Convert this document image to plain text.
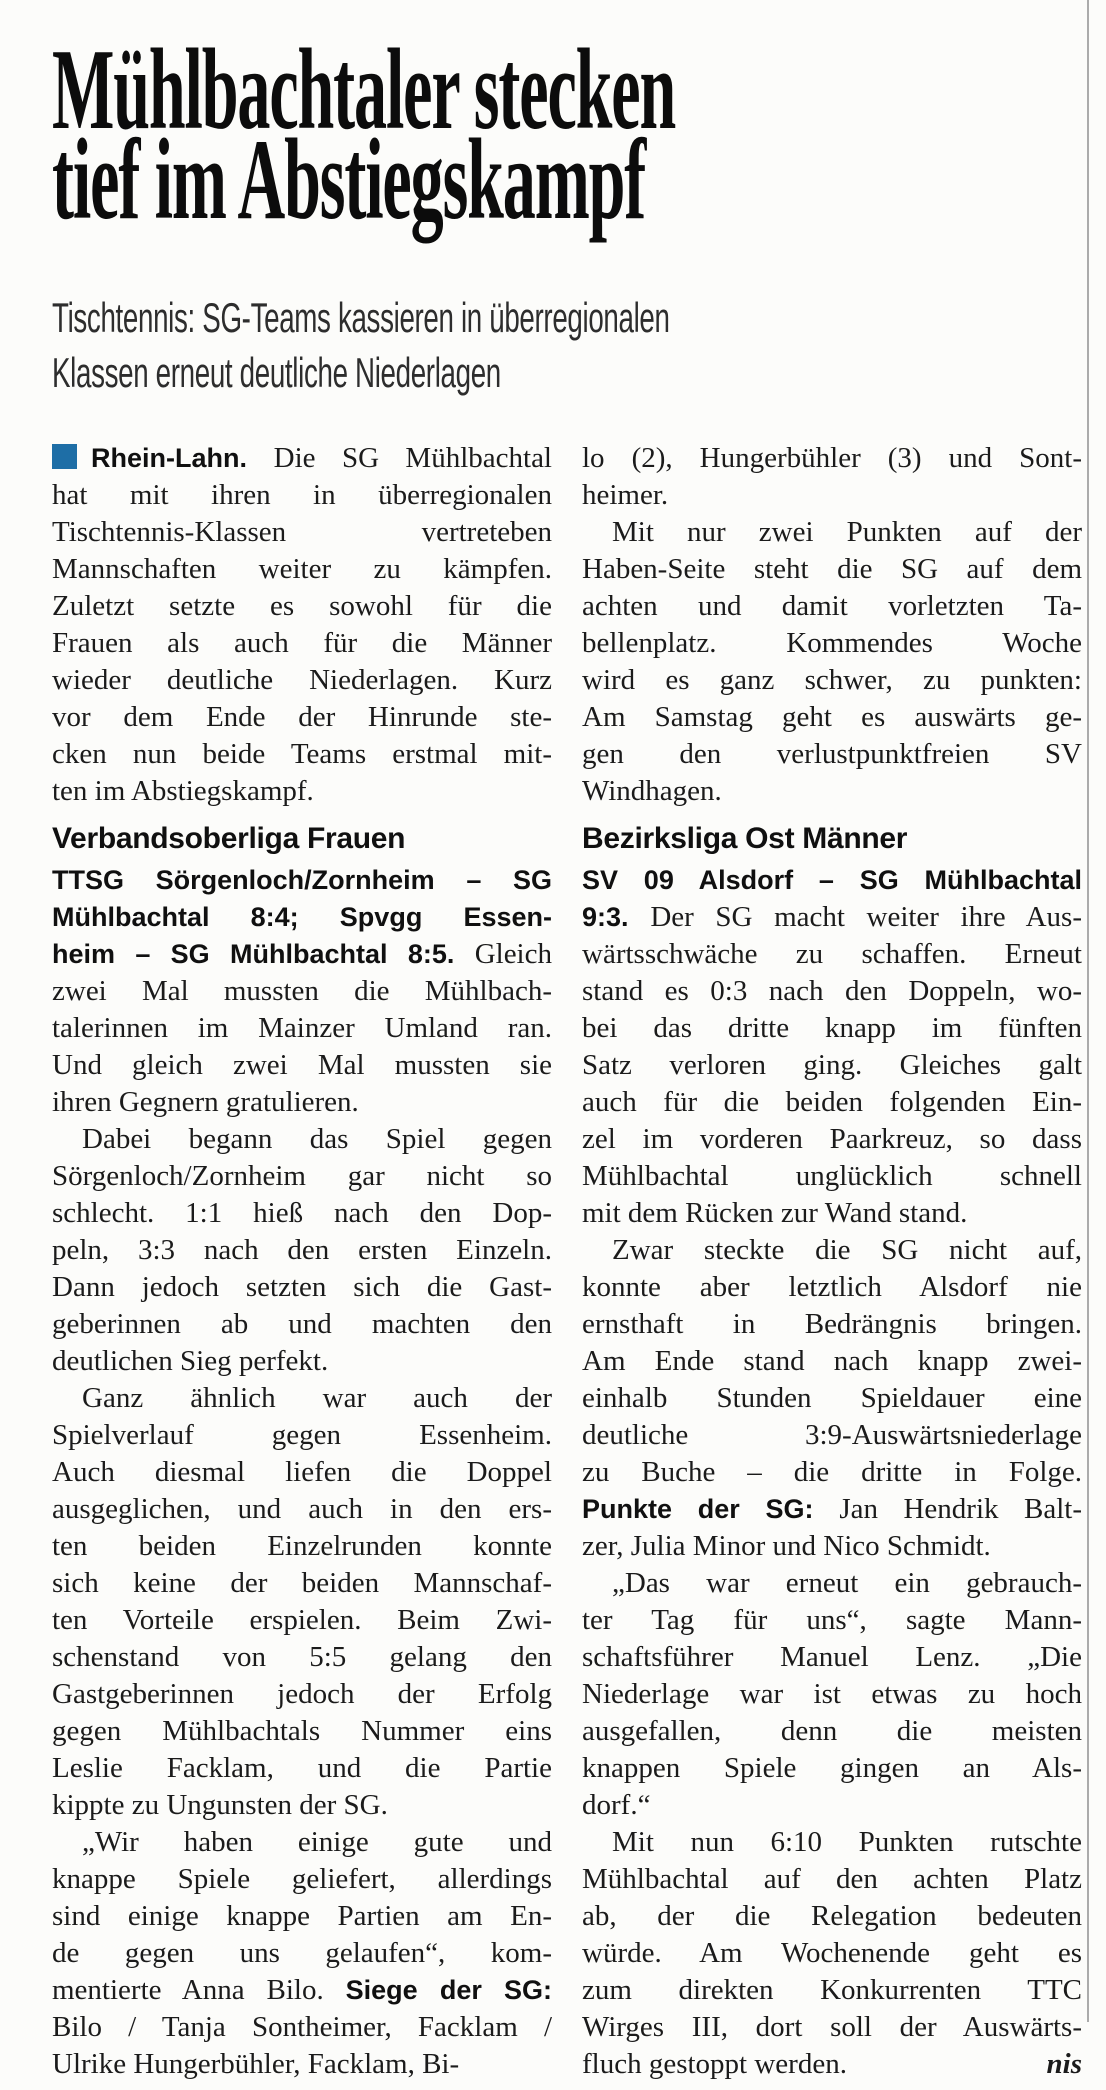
Mühlbachtaler stecken
tief im Abstiegskampf
Tischtennis: SG-Teams kassieren in überregionalen
Klassen erneut deutliche Niederlagen
Rhein-Lahn. Die SG Mühlbachtal
hat mit ihren in überregionalen
Tischtennis-Klassen vertreteben
Mannschaften weiter zu kämpfen.
Zuletzt setzte es sowohl für die
Frauen als auch für die Männer
wieder deutliche Niederlagen. Kurz
vor dem Ende der Hinrunde ste-
cken nun beide Teams erstmal mit-
ten im Abstiegskampf.
Verbandsoberliga Frauen
TTSG Sörgenloch/Zornheim – SG
Mühlbachtal 8:4; Spvgg Essen-
heim – SG Mühlbachtal 8:5. Gleich
zwei Mal mussten die Mühlbach-
talerinnen im Mainzer Umland ran.
Und gleich zwei Mal mussten sie
ihren Gegnern gratulieren.
Dabei begann das Spiel gegen
Sörgenloch/Zornheim gar nicht so
schlecht. 1:1 hieß nach den Dop-
peln, 3:3 nach den ersten Einzeln.
Dann jedoch setzten sich die Gast-
geberinnen ab und machten den
deutlichen Sieg perfekt.
Ganz ähnlich war auch der
Spielverlauf gegen Essenheim.
Auch diesmal liefen die Doppel
ausgeglichen, und auch in den ers-
ten beiden Einzelrunden konnte
sich keine der beiden Mannschaf-
ten Vorteile erspielen. Beim Zwi-
schenstand von 5:5 gelang den
Gastgeberinnen jedoch der Erfolg
gegen Mühlbachtals Nummer eins
Leslie Facklam, und die Partie
kippte zu Ungunsten der SG.
„Wir haben einige gute und
knappe Spiele geliefert, allerdings
sind einige knappe Partien am En-
de gegen uns gelaufen“, kom-
mentierte Anna Bilo. Siege der SG:
Bilo / Tanja Sontheimer, Facklam /
Ulrike Hungerbühler, Facklam, Bi-
lo (2), Hungerbühler (3) und Sont-
heimer.
Mit nur zwei Punkten auf der
Haben-Seite steht die SG auf dem
achten und damit vorletzten Ta-
bellenplatz. Kommendes Woche
wird es ganz schwer, zu punkten:
Am Samstag geht es auswärts ge-
gen den verlustpunktfreien SV
Windhagen.
Bezirksliga Ost Männer
SV 09 Alsdorf – SG Mühlbachtal
9:3. Der SG macht weiter ihre Aus-
wärtsschwäche zu schaffen. Erneut
stand es 0:3 nach den Doppeln, wo-
bei das dritte knapp im fünften
Satz verloren ging. Gleiches galt
auch für die beiden folgenden Ein-
zel im vorderen Paarkreuz, so dass
Mühlbachtal unglücklich schnell
mit dem Rücken zur Wand stand.
Zwar steckte die SG nicht auf,
konnte aber letztlich Alsdorf nie
ernsthaft in Bedrängnis bringen.
Am Ende stand nach knapp zwei-
einhalb Stunden Spieldauer eine
deutliche 3:9-Auswärtsniederlage
zu Buche – die dritte in Folge.
Punkte der SG: Jan Hendrik Balt-
zer, Julia Minor und Nico Schmidt.
„Das war erneut ein gebrauch-
ter Tag für uns“, sagte Mann-
schaftsführer Manuel Lenz. „Die
Niederlage war ist etwas zu hoch
ausgefallen, denn die meisten
knappen Spiele gingen an Als-
dorf.“
Mit nun 6:10 Punkten rutschte
Mühlbachtal auf den achten Platz
ab, der die Relegation bedeuten
würde. Am Wochenende geht es
zum direkten Konkurrenten TTC
Wirges III, dort soll der Auswärts-
fluch gestoppt werden.	nis
